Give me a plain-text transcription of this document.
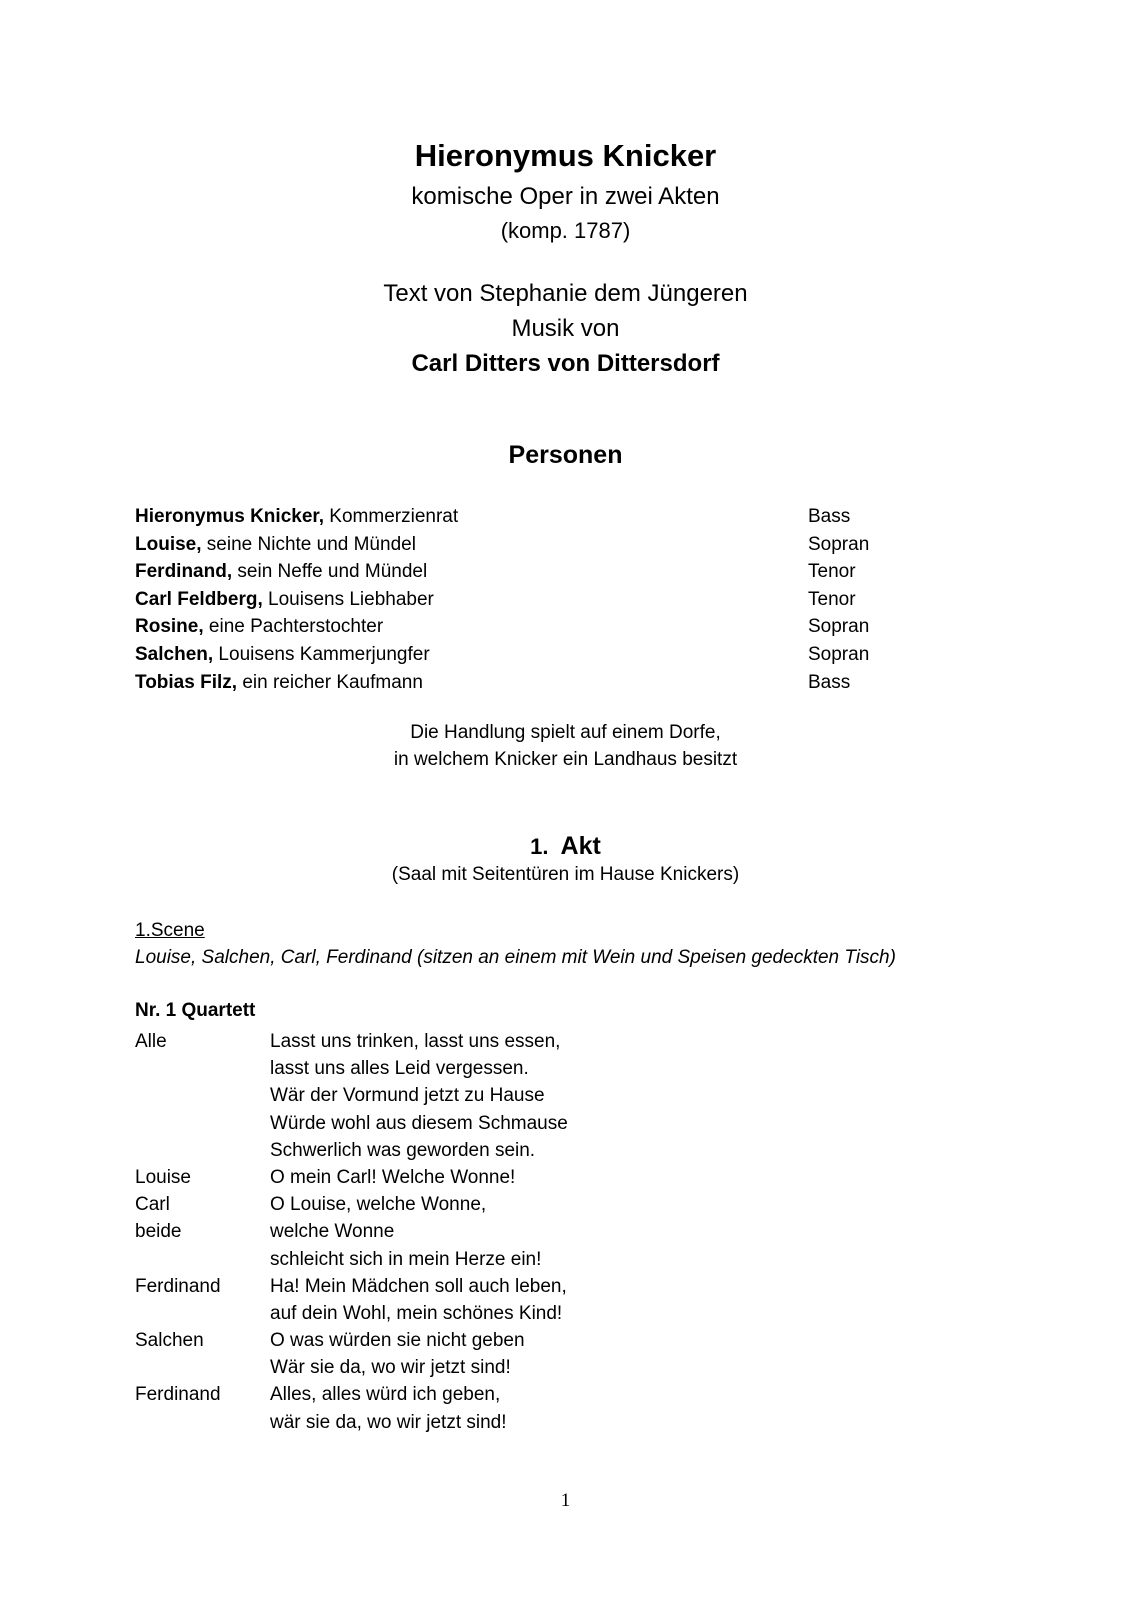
Hieronymus Knicker
komische Oper in zwei Akten
(komp. 1787)
Text von Stephanie dem Jüngeren
Musik von
Carl Ditters von Dittersdorf
Personen
Hieronymus Knicker, Kommerzienrat	Bass
Louise, seine Nichte und Mündel	Sopran
Ferdinand, sein Neffe und Mündel	Tenor
Carl Feldberg, Louisens Liebhaber	Tenor
Rosine, eine Pachterstochter	Sopran
Salchen, Louisens Kammerjungfer	Sopran
Tobias Filz, ein reicher Kaufmann	Bass
Die Handlung spielt auf einem Dorfe,
in welchem Knicker ein Landhaus besitzt
1. Akt
(Saal mit Seitentüren im Hause Knickers)
1.Scene
Louise, Salchen, Carl, Ferdinand (sitzen an einem mit Wein und Speisen gedeckten Tisch)
Nr. 1 Quartett
Alle	Lasst uns trinken, lasst uns essen,
lasst uns alles Leid vergessen.
Wär der Vormund jetzt zu Hause
Würde wohl aus diesem Schmause
Schwerlich was geworden sein.
Louise	O mein Carl! Welche Wonne!
Carl	O Louise, welche Wonne,
beide	welche Wonne
schleicht sich in mein Herze ein!
Ferdinand	Ha! Mein Mädchen soll auch leben,
auf dein Wohl, mein schönes Kind!
Salchen	O was würden sie nicht geben
Wär sie da, wo wir jetzt sind!
Ferdinand	Alles, alles würd ich geben,
wär sie da, wo wir jetzt sind!
1
